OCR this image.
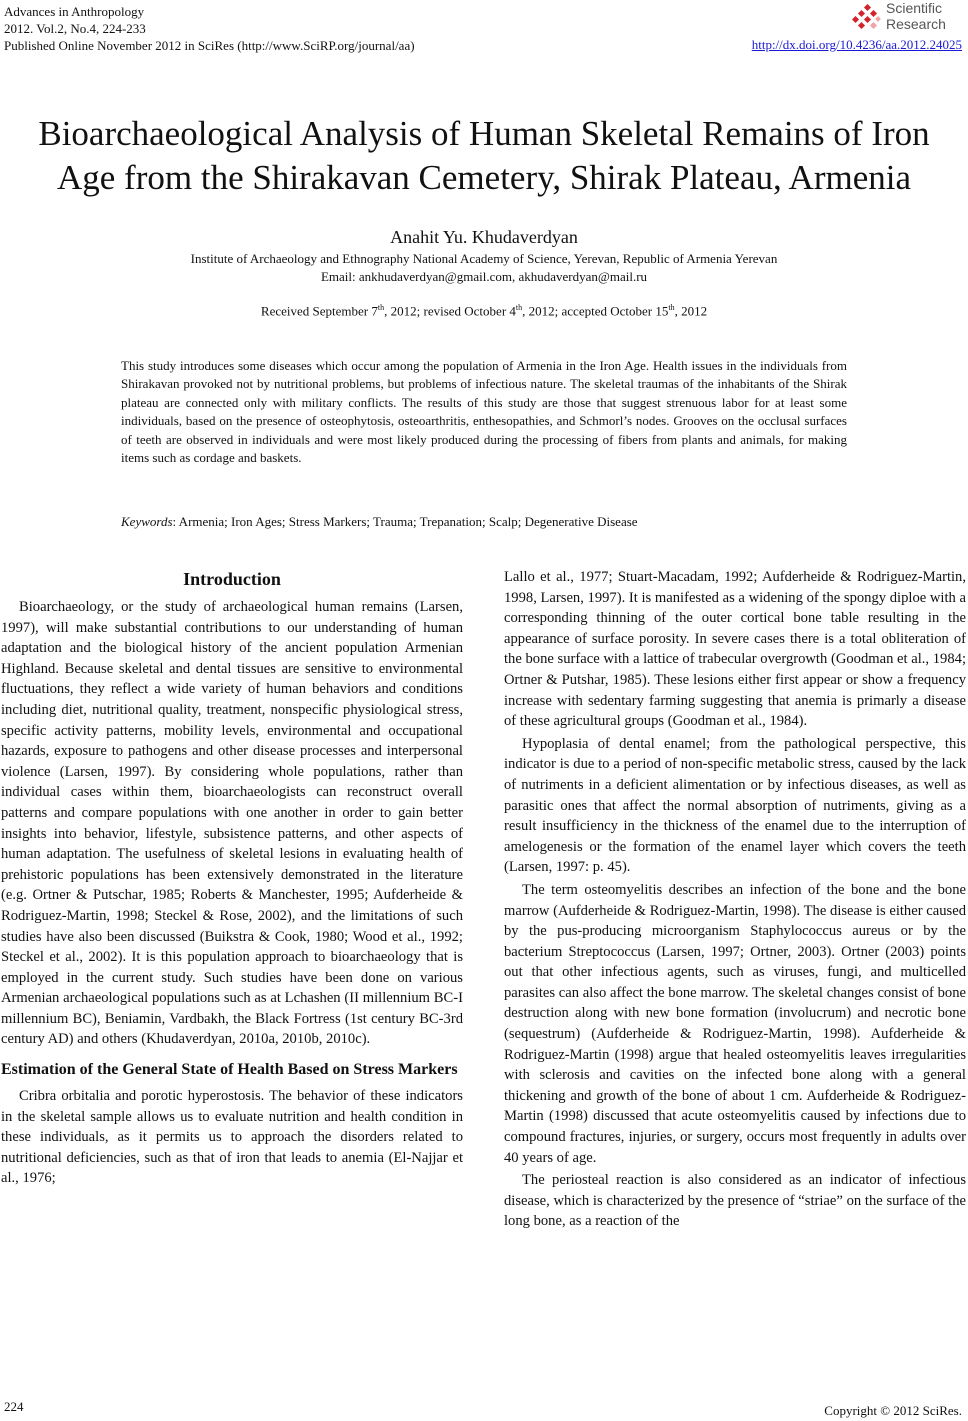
Advances in Anthropology
2012. Vol.2, No.4, 224-233
Published Online November 2012 in SciRes (http://www.SciRP.org/journal/aa)
Scientific
Research
http://dx.doi.org/10.4236/aa.2012.24025
Bioarchaeological Analysis of Human Skeletal Remains of Iron
Age from the Shirakavan Cemetery, Shirak Plateau, Armenia
Anahit Yu. Khudaverdyan
Institute of Archaeology and Ethnography National Academy of Science, Yerevan, Republic of Armenia Yerevan
Email: ankhudaverdyan@gmail.com, akhudaverdyan@mail.ru
Received September 7th, 2012; revised October 4th, 2012; accepted October 15th, 2012
This study introduces some diseases which occur among the population of Armenia in the Iron Age. Health issues in the individuals from Shirakavan provoked not by nutritional problems, but problems of infectious nature. The skeletal traumas of the inhabitants of the Shirak plateau are connected only with military conflicts. The results of this study are those that suggest strenuous labor for at least some individuals, based on the presence of osteophytosis, osteoarthritis, enthesopathies, and Schmorl’s nodes. Grooves on the occlusal surfaces of teeth are observed in individuals and were most likely produced during the processing of fibers from plants and animals, for making items such as cordage and baskets.
Keywords: Armenia; Iron Ages; Stress Markers; Trauma; Trepanation; Scalp; Degenerative Disease
Introduction

Bioarchaeology, or the study of archaeological human remains (Larsen, 1997), will make substantial contributions to our understanding of human adaptation and the biological history of the ancient population Armenian Highland. Because skeletal and dental tissues are sensitive to environmental fluctuations, they reflect a wide variety of human behaviors and conditions including diet, nutritional quality, treatment, nonspecific physiological stress, specific activity patterns, mobility levels, environmental and occupational hazards, exposure to pathogens and other disease processes and interpersonal violence (Larsen, 1997). By considering whole populations, rather than individual cases within them, bioarchaeologists can reconstruct overall patterns and compare populations with one another in order to gain better insights into behavior, lifestyle, subsistence patterns, and other aspects of human adaptation. The usefulness of skeletal lesions in evaluating health of prehistoric populations has been extensively demonstrated in the literature (e.g. Ortner & Putschar, 1985; Roberts & Manchester, 1995; Aufderheide & Rodriguez-Martin, 1998; Steckel & Rose, 2002), and the limitations of such studies have also been discussed (Buikstra & Cook, 1980; Wood et al., 1992; Steckel et al., 2002). It is this population approach to bioarchaeology that is employed in the current study. Such studies have been done on various Armenian archaeological populations such as at Lchashen (II millennium BC-I millennium BC), Beniamin, Vardbakh, the Black Fortress (1st century BC-3rd century AD) and others (Khudaverdyan, 2010a, 2010b, 2010c).

Estimation of the General State of Health Based on Stress Markers

Cribra orbitalia and porotic hyperostosis. The behavior of these indicators in the skeletal sample allows us to evaluate nutrition and health condition in these individuals, as it permits us to approach the disorders related to nutritional deficiencies, such as that of iron that leads to anemia (El-Najjar et al., 1976;

Lallo et al., 1977; Stuart-Macadam, 1992; Aufderheide & Rodriguez-Martin, 1998, Larsen, 1997). It is manifested as a widening of the spongy diploe with a corresponding thinning of the outer cortical bone table resulting in the appearance of surface porosity. In severe cases there is a total obliteration of the bone surface with a lattice of trabecular overgrowth (Goodman et al., 1984; Ortner & Putshar, 1985). These lesions either first appear or show a frequency increase with sedentary farming suggesting that anemia is primarly a disease of these agricultural groups (Goodman et al., 1984).

Hypoplasia of dental enamel; from the pathological perspective, this indicator is due to a period of non-specific metabolic stress, caused by the lack of nutriments in a deficient alimentation or by infectious diseases, as well as parasitic ones that affect the normal absorption of nutriments, giving as a result insufficiency in the thickness of the enamel due to the interruption of amelogenesis or the formation of the enamel layer which covers the teeth (Larsen, 1997: p. 45).

The term osteomyelitis describes an infection of the bone and the bone marrow (Aufderheide & Rodriguez-Martin, 1998). The disease is either caused by the pus-producing microorganism Staphylococcus aureus or by the bacterium Streptococcus (Larsen, 1997; Ortner, 2003). Ortner (2003) points out that other infectious agents, such as viruses, fungi, and multicelled parasites can also affect the bone marrow. The skeletal changes consist of bone destruction along with new bone formation (involucrum) and necrotic bone (sequestrum) (Aufderheide & Rodriguez-Martin, 1998). Aufderheide & Rodriguez-Martin (1998) argue that healed osteomyelitis leaves irregularities with sclerosis and cavities on the infected bone along with a general thickening and growth of the bone of about 1 cm. Aufderheide & Rodriguez-Martin (1998) discussed that acute osteomyelitis caused by infections due to compound fractures, injuries, or surgery, occurs most frequently in adults over 40 years of age.

The periosteal reaction is also considered as an indicator of infectious disease, which is characterized by the presence of “striae” on the surface of the long bone, as a reaction of the

224	Copyright © 2012 SciRes.
